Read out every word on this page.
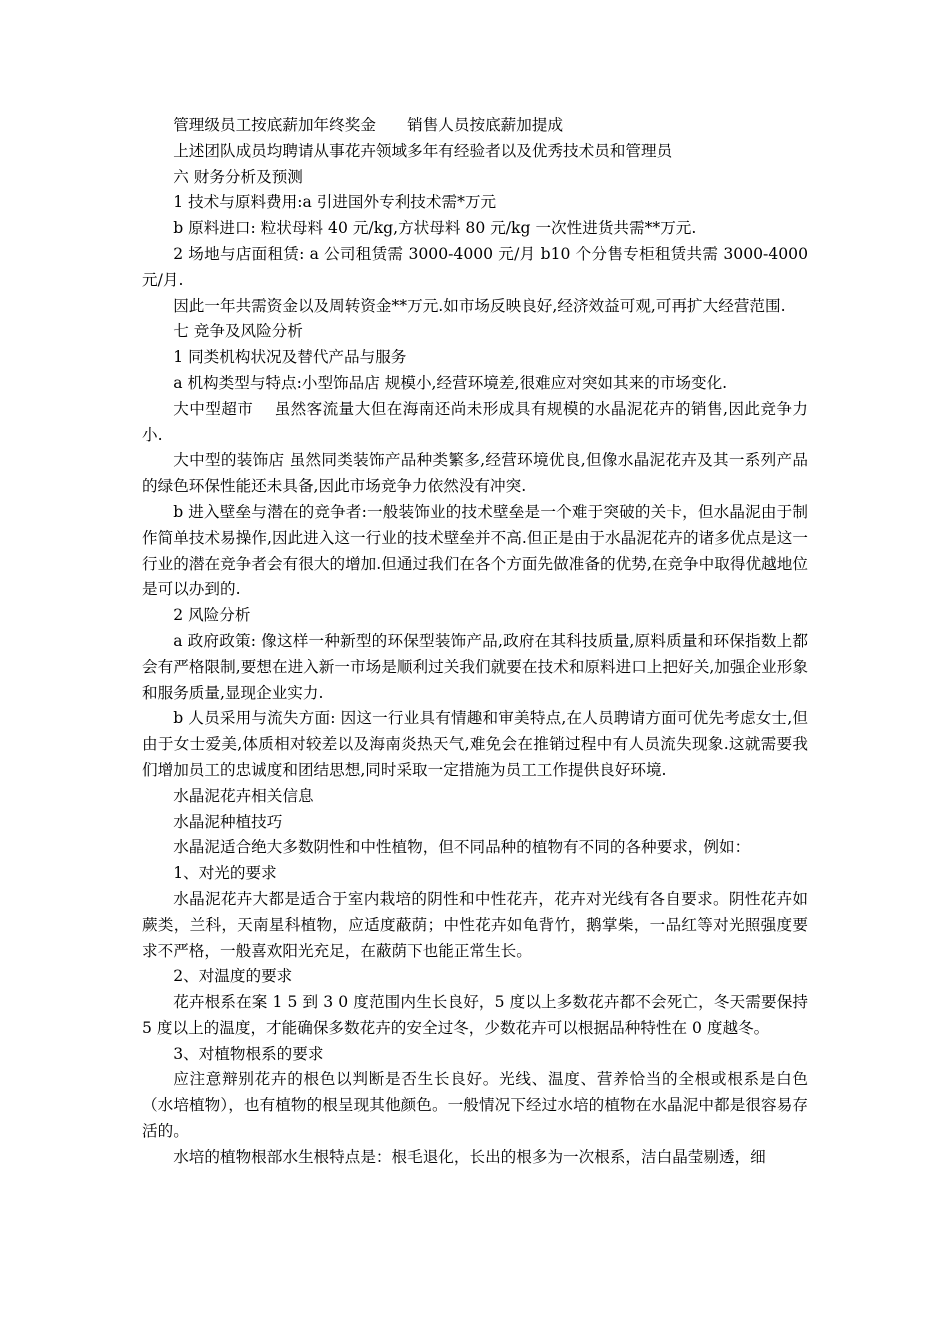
管理级员工按底薪加年终奖金　　销售人员按底薪加提成

上述团队成员均聘请从事花卉领域多年有经验者以及优秀技术员和管理员

六 财务分析及预测

1 技术与原料费用:a 引进国外专利技术需*万元

b 原料进口: 粒状母料 40 元/kg,方状母料 80 元/kg 一次性进货共需**万元.

2 场地与店面租赁: a 公司租赁需 3000-4000 元/月 b10 个分售专柜租赁共需 3000-4000 元/月.

因此一年共需资金以及周转资金**万元.如市场反映良好,经济效益可观,可再扩大经营范围.

七 竞争及风险分析

1 同类机构状况及替代产品与服务

a 机构类型与特点:小型饰品店 规模小,经营环境差,很难应对突如其来的市场变化.

大中型超市　 虽然客流量大但在海南还尚未形成具有规模的水晶泥花卉的销售,因此竞争力小.

大中型的装饰店 虽然同类装饰产品种类繁多,经营环境优良,但像水晶泥花卉及其一系列产品的绿色环保性能还未具备,因此市场竞争力依然没有冲突.

b 进入壁垒与潜在的竞争者:一般装饰业的技术壁垒是一个难于突破的关卡，但水晶泥由于制作简单技术易操作,因此进入这一行业的技术壁垒并不高.但正是由于水晶泥花卉的诸多优点是这一行业的潜在竞争者会有很大的增加.但通过我们在各个方面先做准备的优势,在竞争中取得优越地位是可以办到的.

2 风险分析

a 政府政策: 像这样一种新型的环保型装饰产品,政府在其科技质量,原料质量和环保指数上都会有严格限制,要想在进入新一市场是顺利过关我们就要在技术和原料进口上把好关,加强企业形象和服务质量,显现企业实力.

b 人员采用与流失方面: 因这一行业具有情趣和审美特点,在人员聘请方面可优先考虑女士,但由于女士爱美,体质相对较差以及海南炎热天气,难免会在推销过程中有人员流失现象.这就需要我们增加员工的忠诚度和团结思想,同时采取一定措施为员工工作提供良好环境.

水晶泥花卉相关信息

水晶泥种植技巧

水晶泥适合绝大多数阴性和中性植物，但不同品种的植物有不同的各种要求，例如：

1、对光的要求

水晶泥花卉大都是适合于室内栽培的阴性和中性花卉，花卉对光线有各自要求。阴性花卉如蕨类，兰科，天南星科植物，应适度蔽荫；中性花卉如龟背竹，鹅掌柴，一品红等对光照强度要求不严格，一般喜欢阳光充足，在蔽荫下也能正常生长。

2、对温度的要求

花卉根系在案 1 5 到 3 0 度范围内生长良好，5 度以上多数花卉都不会死亡，冬天需要保持 5 度以上的温度，才能确保多数花卉的安全过冬，少数花卉可以根据品种特性在 0 度越冬。

3、对植物根系的要求

应注意辩别花卉的根色以判断是否生长良好。光线、温度、营养恰当的全根或根系是白色（水培植物），也有植物的根呈现其他颜色。一般情况下经过水培的植物在水晶泥中都是很容易存活的。

水培的植物根部水生根特点是：根毛退化，长出的根多为一次根系，洁白晶莹剔透，细
